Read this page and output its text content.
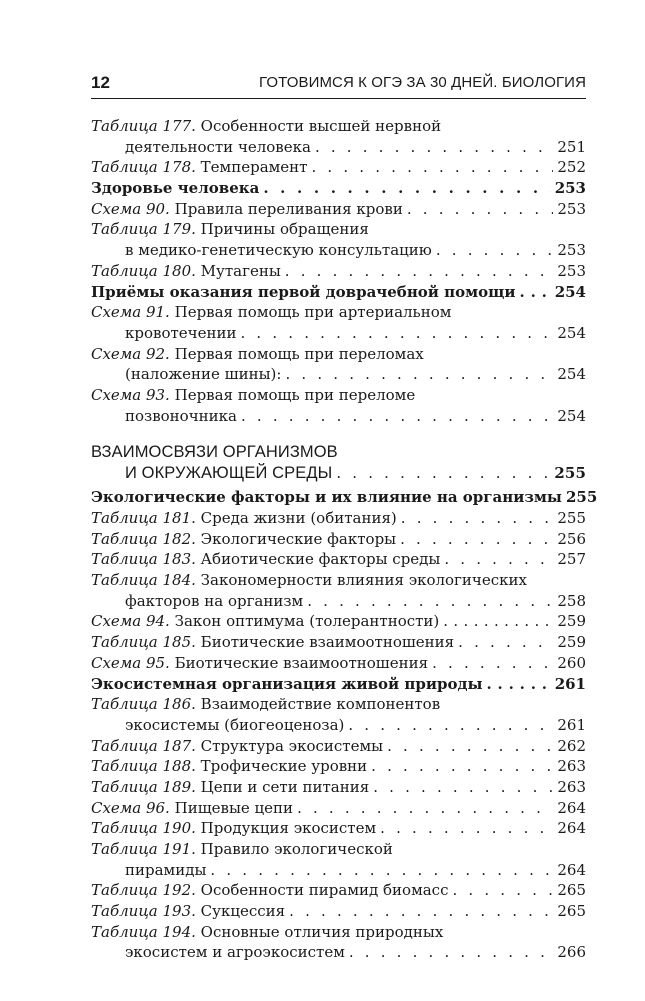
12	ГОТОВИМСЯ К ОГЭ ЗА 30 ДНЕЙ. БИОЛОГИЯ
Таблица 177. Особенности высшей нервной
деятельности человека . . .	251
Таблица 178. Темперамент . . .	252
Здоровье человека . . .	253
Схема 90. Правила переливания крови . . .	253
Таблица 179. Причины обращения
в медико-генетическую консультацию . . .	253
Таблица 180. Мутагены . . .	253
Приёмы оказания первой доврачебной помощи . . .	254
Схема 91. Первая помощь при артериальном
кровотечении . . .	254
Схема 92. Первая помощь при переломах
(наложение шины): . . .	254
Схема 93. Первая помощь при переломе
позвоночника . . .	254
ВЗАИМОСВЯЗИ ОРГАНИЗМОВ
И ОКРУЖАЮЩЕЙ СРЕДЫ . . .	255
Экологические факторы и их влияние на организмы 255
Таблица 181. Среда жизни (обитания) . . .	255
Таблица 182. Экологические факторы . . .	256
Таблица 183. Абиотические факторы среды . . .	257
Таблица 184. Закономерности влияния экологических
факторов на организм . . .	258
Схема 94. Закон оптимума (толерантности) . . .	259
Таблица 185. Биотические взаимоотношения . . .	259
Схема 95. Биотические взаимоотношения . . .	260
Экосистемная организация живой природы . . .	261
Таблица 186. Взаимодействие компонентов
экосистемы (биогеоценоза) . . .	261
Таблица 187. Структура экосистемы . . .	262
Таблица 188. Трофические уровни . . .	263
Таблица 189. Цепи и сети питания . . .	263
Схема 96. Пищевые цепи . . .	264
Таблица 190. Продукция экосистем . . .	264
Таблица 191. Правило экологической
пирамиды . . .	264
Таблица 192. Особенности пирамид биомасс . . .	265
Таблица 193. Сукцессия . . .	265
Таблица 194. Основные отличия природных
экосистем и агроэкосистем . . .	266
